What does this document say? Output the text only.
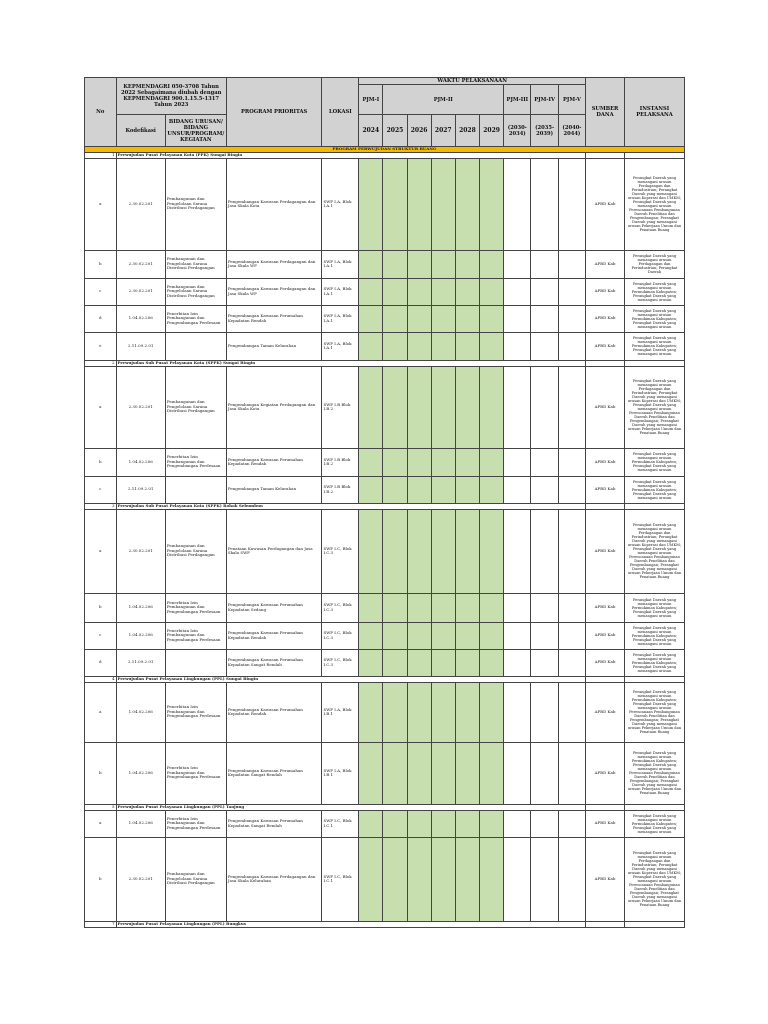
No	KEPMENDAGRI 050-3708 Tahun 2022 Sebagaimana diubah dengan KEPMENDAGRI 900.1.15.5-1317 Tahun 2023		PROGRAM PRIORITAS	LOKASI	WAKTU PELAKSANAAN									SUMBER DANA	INSTANSI PELAKSANA
					PJM-I	PJM-II					PJM-III	PJM-IV	PJM-V		
	Kodefikasi	BIDANG URUSAN/ BIDANG UNSUR/PROGRAM/ KEGIATAN			2024	2025	2026	2027	2028	2029	(2030-2034)	(2035-2039)	(2040-2044)		

PROGRAM PERWUJUDAN STRUKTUR RUANG															
1	Perwujudan Pusat Pelayanan Kota (PPK) Sungai Bingin														
a	2.30.02.201	Pembangunan dan Pengelolaan Sarana Distribusi Perdagangan	Pengembangan Kawasan Perdagangan dan Jasa Skala Kota	SWP I.A, Blok I.A.1										APBD Kab	Perangkat Daerah yang menangani urusan Perdagangan dan Perindustrian; Perangkat Daerah yang menangani urusan Koperasi dan UMKM; Perangkat Daerah yang menangani urusan Perencanaan Pembangunan Daerah Penelitian dan Pengembangan; Perangkat Daerah yang menangani urusan Pekerjaan Umum dan Penataan Ruang
b	2.30.02.201	Pembangunan dan Pengelolaan Sarana Distribusi Perdagangan	Pengembangan Kawasan Perdagangan dan Jasa Skala WP	SWP I.A, Blok I.A.1										APBD Kab	Perangkat Daerah yang menangani urusan Perdagangan dan Perindustrian; Perangkat Daerah
c	2.30.02.201	Pembangunan dan Pengelolaan Sarana Distribusi Perdagangan	Pengembangan Kawasan Perdagangan dan Jasa Skala WP	SWP I.A, Blok I.A.1										APBD Kab	Perangkat Daerah yang menangani urusan Permukiman Kabupaten; Perangkat Daerah yang menangani urusan
d	1.04.02.206	Penerbitan Izin Pembangunan dan Pengembangan Perdesaan	Pengembangan Kawasan Perumahan Kepadatan Rendah	SWP I.A, Blok I.A.1										APBD Kab	Perangkat Daerah yang menangani urusan Permukiman Kabupaten; Perangkat Daerah yang menangani urusan
e	2.11.09.2.01		Pengembangan Taman Kelurahan	SWP I.A, Blok I.A.1										APBD Kab	Perangkat Daerah yang menangani urusan Permukiman Kabupaten; Perangkat Daerah yang menangani urusan
2	Perwujudan Sub Pusat Pelayanan Kota (SPPK) Sungai Bingin														
a	2.30.02.201	Pembangunan dan Pengelolaan Sarana Distribusi Perdagangan	Pengembangan Kegiatan Perdagangan dan Jasa Skala Kota	SWP I.B Blok I.B.2										APBD Kab	Perangkat Daerah yang menangani urusan Perdagangan dan Perindustrian; Perangkat Daerah yang menangani urusan Koperasi dan UMKM; Perangkat Daerah yang menangani urusan Perencanaan Pembangunan Daerah Penelitian dan Pengembangan; Perangkat Daerah yang menangani urusan Pekerjaan Umum dan Penataan Ruang
b	1.04.02.206	Penerbitan Izin Pembangunan dan Pengembangan Perdesaan	Pengembangan Kawasan Perumahan Kepadatan Rendah	SWP I.B Blok I.B.2										APBD Kab	Perangkat Daerah yang menangani urusan Permukiman Kabupaten; Perangkat Daerah yang menangani urusan
c	2.11.09.2.01		Pengembangan Taman Kelurahan	SWP I.B Blok I.B.2										APBD Kab	Perangkat Daerah yang menangani urusan Permukiman Kabupaten; Perangkat Daerah yang menangani urusan
3	Perwujudan Sub Pusat Pelayanan Kota (SPPK) Rohok Sebumbun														
a	2.30.02.201	Pembangunan dan Pengelolaan Sarana Distribusi Perdagangan	Penataan Kawasan Perdagangan dan Jasa Skala SWP	SWP I.C, Blok I.C.3										APBD Kab	Perangkat Daerah yang menangani urusan Perdagangan dan Perindustrian; Perangkat Daerah yang menangani urusan Koperasi dan UMKM; Perangkat Daerah yang menangani urusan Perencanaan Pembangunan Daerah Penelitian dan Pengembangan; Perangkat Daerah yang menangani urusan Pekerjaan Umum dan Penataan Ruang
b	1.04.02.206	Penerbitan Izin Pembangunan dan Pengembangan Perdesaan	Pengembangan Kawasan Perumahan Kepadatan Sedang	SWP I.C, Blok I.C.3										APBD Kab	Perangkat Daerah yang menangani urusan Permukiman Kabupaten; Perangkat Daerah yang menangani urusan
c	1.04.02.206	Penerbitan Izin Pembangunan dan Pengembangan Perdesaan	Pengembangan Kawasan Perumahan Kepadatan Rendah	SWP I.C, Blok I.C.3										APBD Kab	Perangkat Daerah yang menangani urusan Permukiman Kabupaten; Perangkat Daerah yang menangani urusan
d	2.11.09.2.01		Pengembangan Kawasan Perumahan Kepadatan Sangat Rendah	SWP I.C, Blok I.C.3										APBD Kab	Perangkat Daerah yang menangani urusan Permukiman Kabupaten; Perangkat Daerah yang menangani urusan
4	Perwujudan Pusat Pelayanan Lingkungan (PPL) Sungai Bingin														
a	1.04.02.206	Penerbitan Izin Pembangunan dan Pengembangan Perdesaan	Pengembangan Kawasan Perumahan Kepadatan Rendah	SWP I.A, Blok I.B.1										APBD Kab	Perangkat Daerah yang menangani urusan Permukiman Kabupaten; Perangkat Daerah yang menangani urusan Perencanaan Pembangunan Daerah Penelitian dan Pengembangan; Perangkat Daerah yang menangani urusan Pekerjaan Umum dan Penataan Ruang
b	1.04.02.206	Penerbitan Izin Pembangunan dan Pengembangan Perdesaan	Pengembangan Kawasan Perumahan Kepadatan Sangat Rendah	SWP I.A, Blok I.B.1										APBD Kab	Perangkat Daerah yang menangani urusan Permukiman Kabupaten; Perangkat Daerah yang menangani urusan Perencanaan Pembangunan Daerah Penelitian dan Pengembangan; Perangkat Daerah yang menangani urusan Pekerjaan Umum dan Penataan Ruang
5	Perwujudan Pusat Pelayanan Lingkungan (PPL) Tanjung														
a	1.04.02.206	Penerbitan Izin Pembangunan dan Pengembangan Perdesaan	Pengembangan Kawasan Perumahan Kepadatan Sangat Rendah	SWP I.C, Blok I.C.1										APBD Kab	Perangkat Daerah yang menangani urusan Permukiman Kabupaten; Perangkat Daerah yang menangani urusan
b	2.30.02.201	Pembangunan dan Pengelolaan Sarana Distribusi Perdagangan	Pengembangan Kawasan Perdagangan dan Jasa Skala Kelurahan	SWP I.C, Blok I.C.1										APBD Kab	Perangkat Daerah yang menangani urusan Perdagangan dan Perindustrian; Perangkat Daerah yang menangani urusan Koperasi dan UMKM; Perangkat Daerah yang menangani urusan Perencanaan Pembangunan Daerah Penelitian dan Pengembangan; Perangkat Daerah yang menangani urusan Pekerjaan Umum dan Penataan Ruang
7	Perwujudan Pusat Pelayanan Lingkungan (PPL) Bungkus														
